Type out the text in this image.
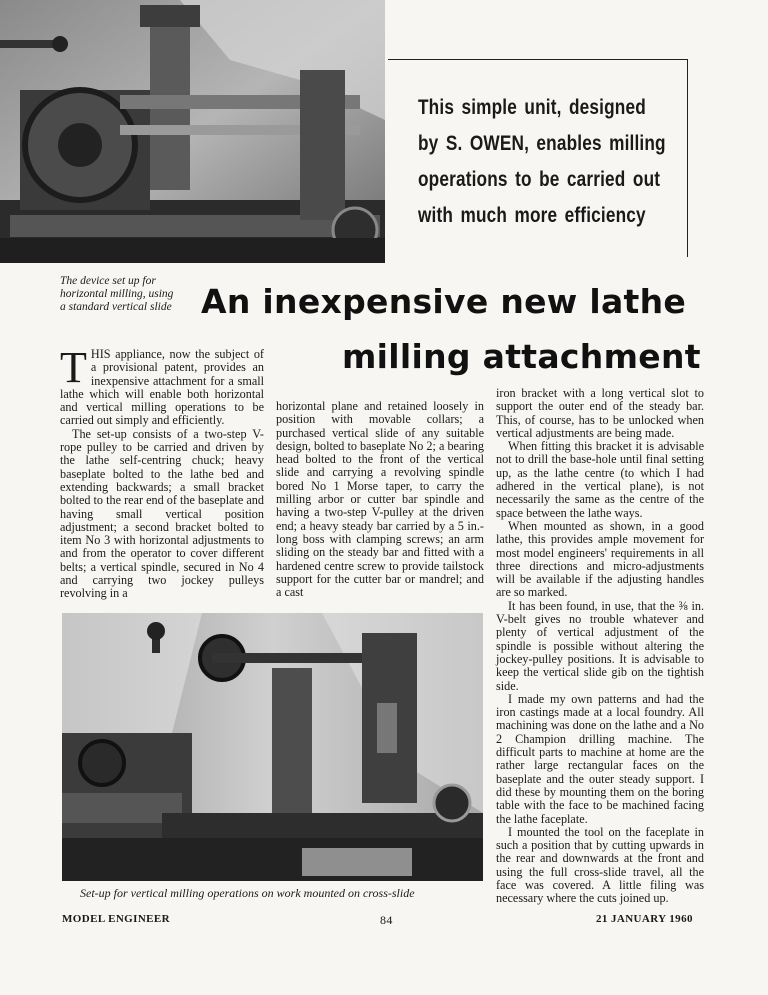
This simple unit, designed by S. OWEN, enables milling operations to be carried out with much more efficiency
The device set up for horizontal milling, using a standard vertical slide An inexpensive new lathe
milling attachment

THIS appliance, now the subject of a provisional patent, provides an inexpensive attachment for a small lathe which will enable both horizontal and vertical milling operations to be carried out simply and efficiently.

The set-up consists of a two-step V-rope pulley to be carried and driven by the lathe self-centring chuck; heavy baseplate bolted to the lathe bed and extending backwards; a small bracket bolted to the rear end of the baseplate and having small vertical position adjustment; a second bracket bolted to item No 3 with horizontal adjustments to and from the operator to cover different belts; a vertical spindle, secured in No 4 and carrying two jockey pulleys revolving in a

horizontal plane and retained loosely in position with movable collars; a purchased vertical slide of any suitable design, bolted to baseplate No 2; a bearing head bolted to the front of the vertical slide and carrying a revolving spindle bored No 1 Morse taper, to carry the milling arbor or cutter bar spindle and having a two-step V-pulley at the driven end; a heavy steady bar carried by a 5 in.-long boss with clamping screws; an arm sliding on the steady bar and fitted with a hardened centre screw to provide tailstock support for the cutter bar or mandrel; and a cast

iron bracket with a long vertical slot to support the outer end of the steady bar. This, of course, has to be unlocked when vertical adjustments are being made.

When fitting this bracket it is advisable not to drill the base-hole until final setting up, as the lathe centre (to which I had adhered in the vertical plane), is not necessarily the same as the centre of the space between the lathe ways.

When mounted as shown, in a good lathe, this provides ample movement for most model engineers' requirements in all three directions and micro-adjustments will be available if the adjusting handles are so marked.

It has been found, in use, that the ⅜ in. V-belt gives no trouble whatever and plenty of vertical adjustment of the spindle is possible without altering the jockey-pulley positions. It is advisable to keep the vertical slide gib on the tightish side.

I made my own patterns and had the iron castings made at a local foundry. All machining was done on the lathe and a No 2 Champion drilling machine. The difficult parts to machine at home are the rather large rectangular faces on the baseplate and the outer steady support. I did these by mounting them on the boring table with the face to be machined facing the lathe faceplate.

I mounted the tool on the faceplate in such a position that by cutting upwards in the rear and downwards at the front and using the full cross-slide travel, all the face was covered. A little filing was necessary where the cuts joined up.

Set-up for vertical milling operations on work mounted on cross-slide
MODEL ENGINEER	84	21 JANUARY 1960
